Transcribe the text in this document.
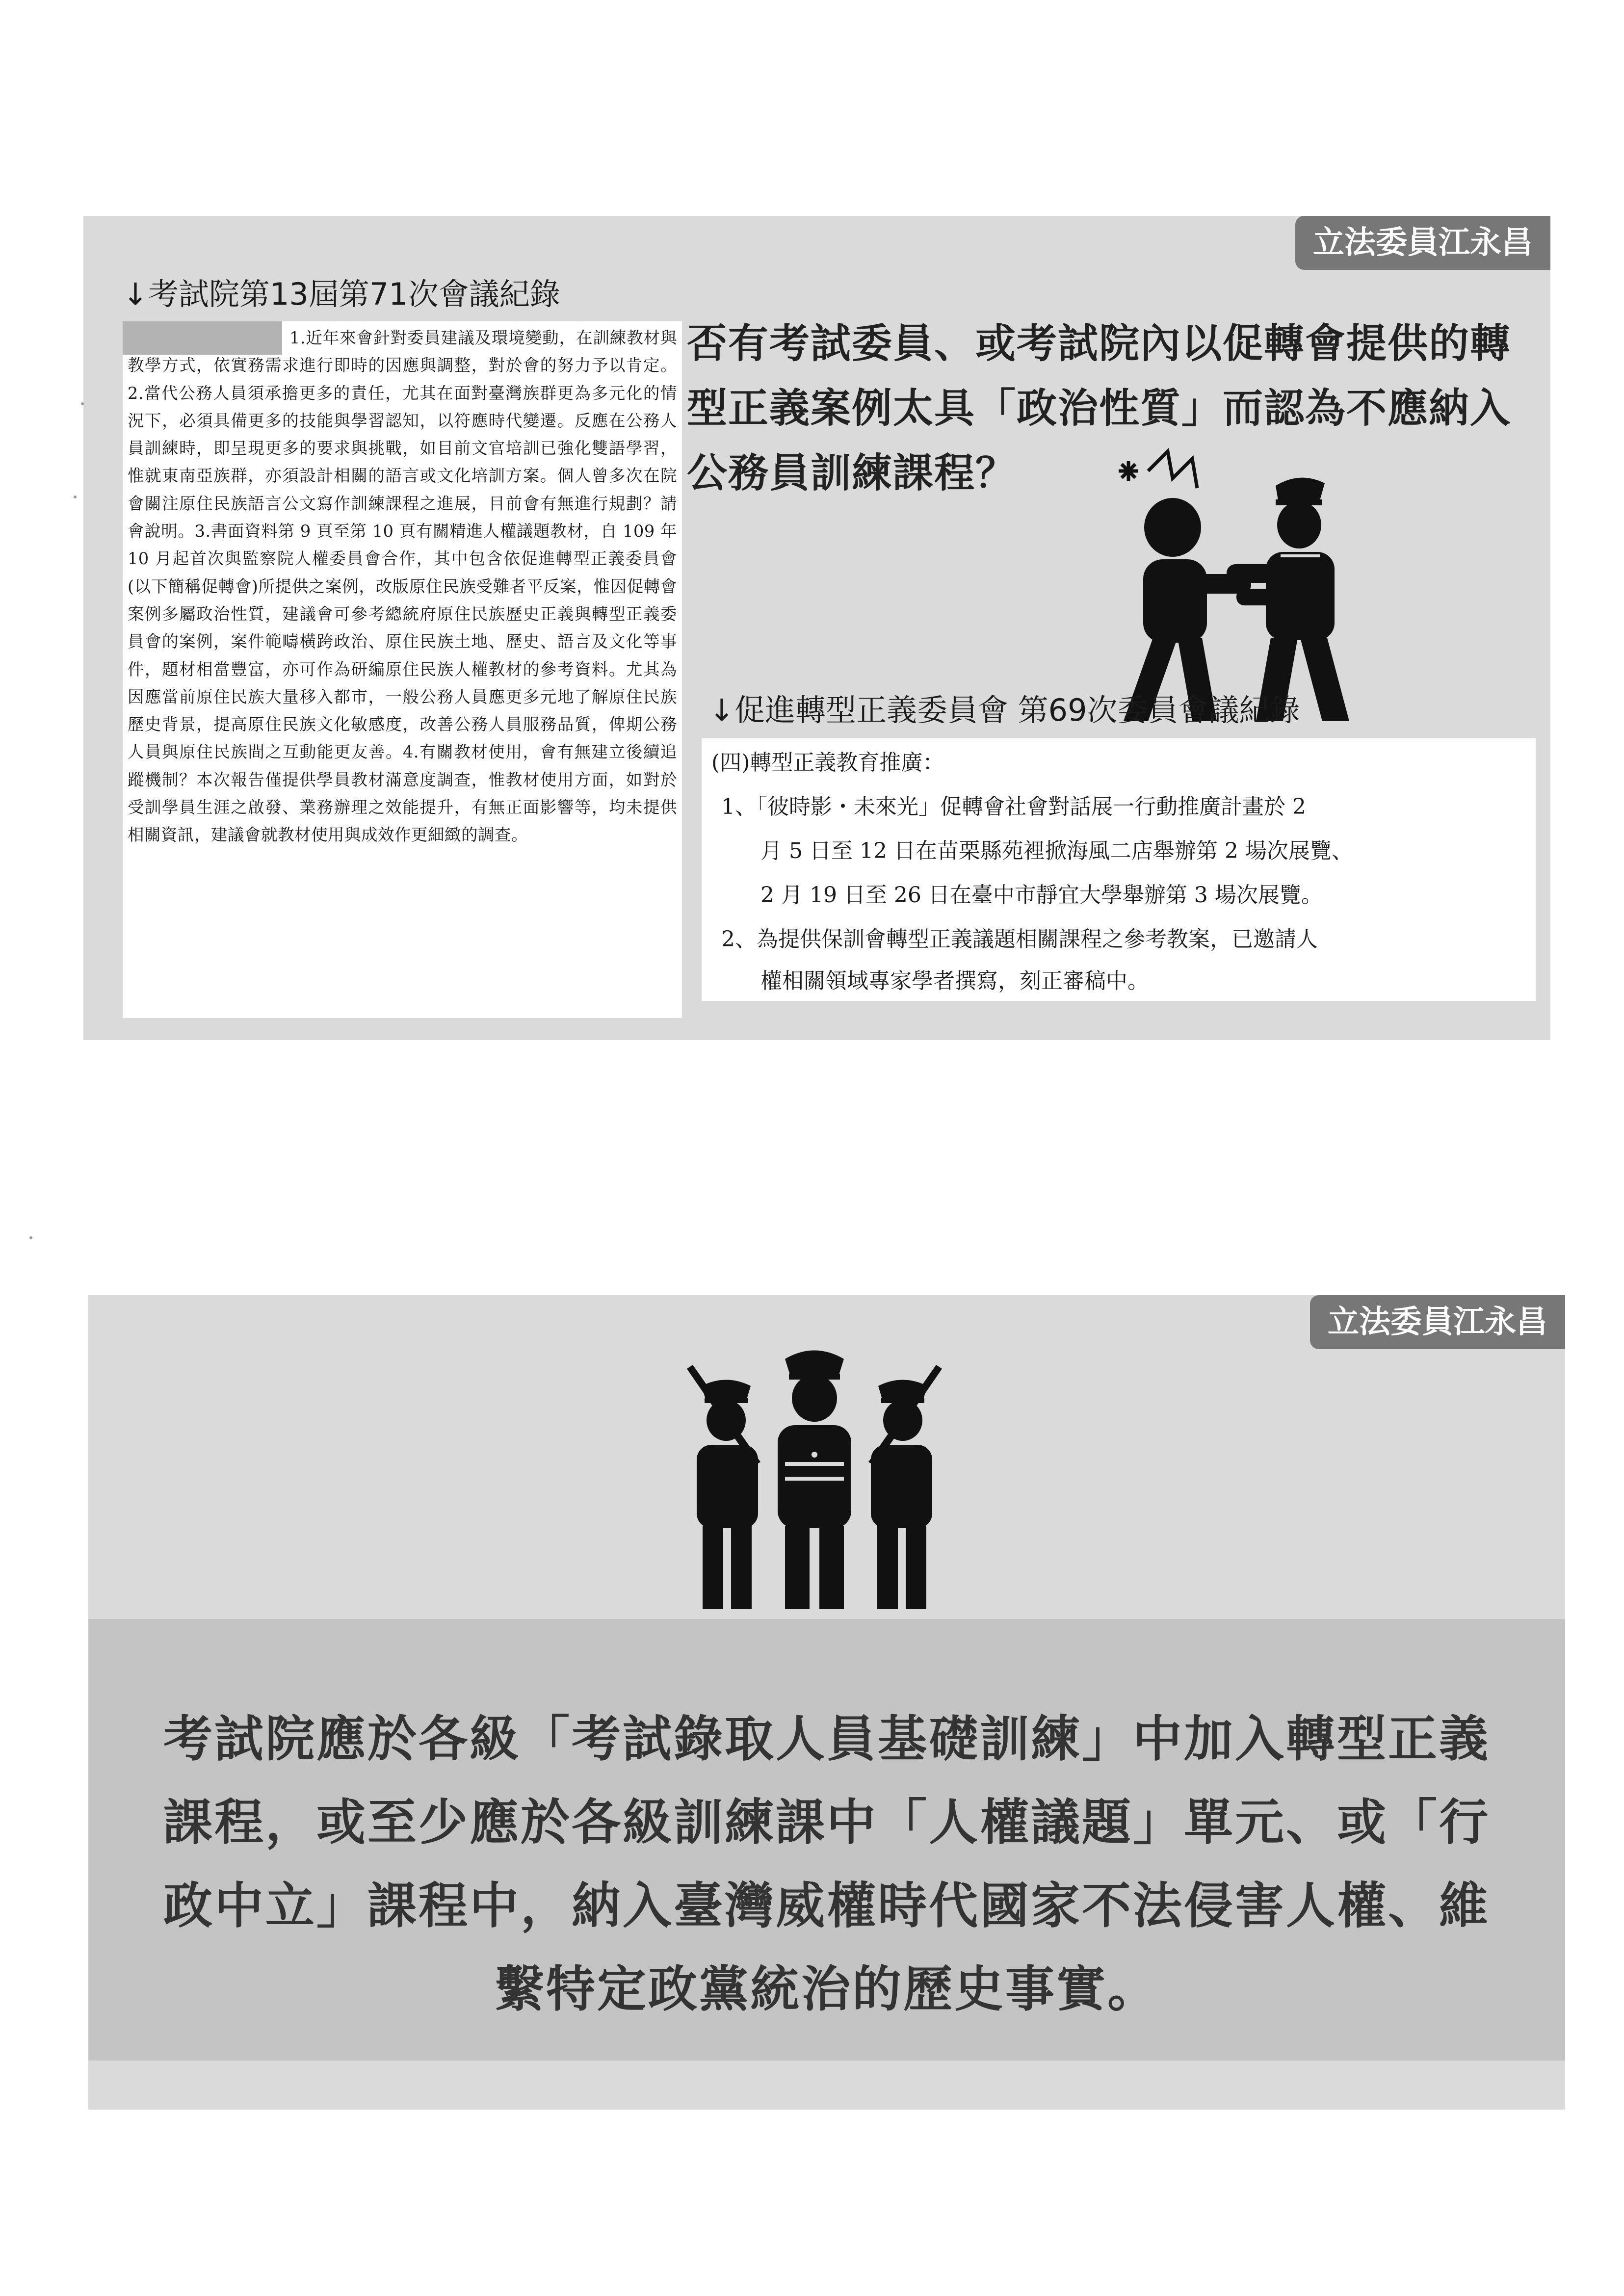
立法委員江永昌
↓考試院第13屆第71次會議紀錄

1.近年來會針對委員建議及環境變動，在訓練教材與教學方式，依實務需求進行即時的因應與調整，對於會的努力予以肯定。2.當代公務人員須承擔更多的責任，尤其在面對臺灣族群更為多元化的情況下，必須具備更多的技能與學習認知，以符應時代變遷。反應在公務人員訓練時，即呈現更多的要求與挑戰，如目前文官培訓已強化雙語學習，惟就東南亞族群，亦須設計相關的語言或文化培訓方案。個人曾多次在院會關注原住民族語言公文寫作訓練課程之進展，目前會有無進行規劃？請會說明。3.書面資料第 9 頁至第 10 頁有關精進人權議題教材，自 109 年 10 月起首次與監察院人權委員會合作，其中包含依促進轉型正義委員會(以下簡稱促轉會)所提供之案例，改版原住民族受難者平反案，惟因促轉會案例多屬政治性質，建議會可參考總統府原住民族歷史正義與轉型正義委員會的案例，案件範疇橫跨政治、原住民族土地、歷史、語言及文化等事件，題材相當豐富，亦可作為研編原住民族人權教材的參考資料。尤其為因應當前原住民族大量移入都市，一般公務人員應更多元地了解原住民族歷史背景，提高原住民族文化敏感度，改善公務人員服務品質，俾期公務人員與原住民族間之互動能更友善。4.有關教材使用，會有無建立後續追蹤機制？本次報告僅提供學員教材滿意度調查，惟教材使用方面，如對於受訓學員生涯之啟發、業務辦理之效能提升，有無正面影響等，均未提供相關資訊，建議會就教材使用與成效作更細緻的調查。

否有考試委員、或考試院內以促轉會提供的轉型正義案例太具「政治性質」而認為不應納入公務員訓練課程？

↓促進轉型正義委員會 第69次委員會議紀錄
(四)轉型正義教育推廣：
1、「彼時影・未來光」促轉會社會對話展一行動推廣計畫於 2
月 5 日至 12 日在苗栗縣苑裡掀海風二店舉辦第 2 場次展覽、
2 月 19 日至 26 日在臺中市靜宜大學舉辦第 3 場次展覽。
2、為提供保訓會轉型正義議題相關課程之參考教案，已邀請人
權相關領域專家學者撰寫，刻正審稿中。
立法委員江永昌

考試院應於各級「考試錄取人員基礎訓練」中加入轉型正義課程，或至少應於各級訓練課中「人權議題」單元、或「行政中立」課程中，納入臺灣威權時代國家不法侵害人權、維繫特定政黨統治的歷史事實。
